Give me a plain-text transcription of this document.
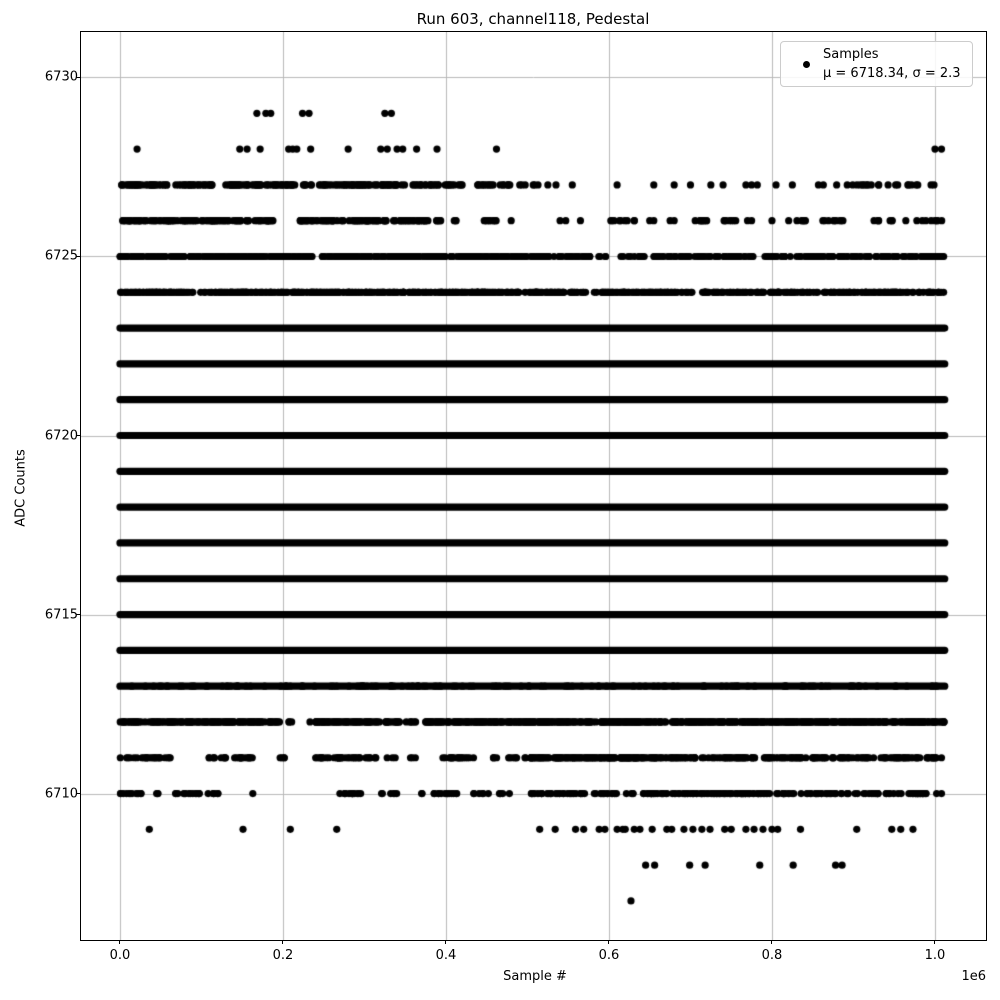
Run 603, channel118, Pedestal
ADC Counts
Samples
μ = 6718.34, σ = 2.3
Sample #	1e6
0.0	0.2	0.4	0.6	0.8	1.0
6710
6715
6720
6725
6730
